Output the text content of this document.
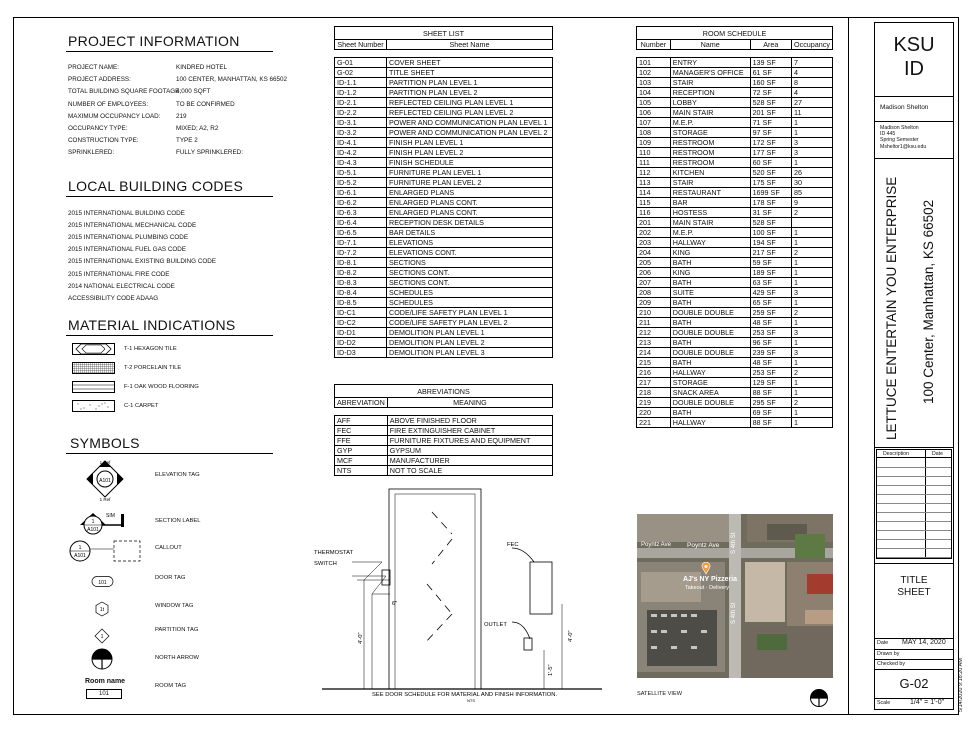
PROJECT INFORMATION
PROJECT NAME:	KINDRED HOTEL
PROJECT ADDRESS:	100 CENTER, MANHATTAN, KS 66502
TOTAL BUILDING SQUARE FOOTAGE:
4,000 SQFT
NUMBER OF EMPLOYEES:	TO BE CONFIRMED
MAXIMUM OCCUPANCY LOAD: 219
OCCUPANCY TYPE:	MIXED; A2, R2
CONSTRUCTION TYPE:	TYPE 2
SPRINKLERED:	FULLY SPRINKLERED:
LOCAL BUILDING CODES
2015 INTERNATIONAL BUILDING CODE
2015 INTERNATIONAL MECHANICAL CODE
2015 INTERNATIONAL PLUMBING CODE
2015 INTERNATIONAL FUEL GAS CODE
2015 INTERNATIONAL EXISTING BUILDING CODE
2015 INTERNATIONAL FIRE CODE
2014 NATIONAL ELECTRICAL CODE
ACCESSIBILITY CODE ADAAG
MATERIAL INDICATIONS
T-1 HEXAGON TILE
T-2 PORCELAIN TILE
F-1 OAK WOOD FLOORING
C-1 CARPET
SYMBOLS
A101
1 Ref
1 Ref
ELEVATION TAG
1
A101
SIM
SECTION LABEL
1
A101
CALLOUT
101
DOOR TAG
1t
WINDOW TAG
1
PARTITION TAG
NORTH ARROW
Room name
101
ROOM TAG
SHEET LIST	
Sheet Number	Sheet Name

G-01	COVER SHEET
G-02	TITLE SHEET
ID-1.1	PARTITION PLAN LEVEL 1
ID-1.2	PARTITION PLAN LEVEL 2
ID-2.1	REFLECTED CEILING PLAN LEVEL 1
ID-2.2	REFLECTED CEILING PLAN LEVEL 2
ID-3.1	POWER AND COMMUNICATION PLAN LEVEL 1
ID-3.2	POWER AND COMMUNICATION PLAN LEVEL 2
ID-4.1	FINISH PLAN LEVEL 1
ID-4.2	FINISH PLAN LEVEL 2
ID-4.3	FINISH SCHEDULE
ID-5.1	FURNITURE PLAN LEVEL 1
ID-5.2	FURNITURE PLAN LEVEL 2
ID-6.1	ENLARGED PLANS
ID-6.2	ENLARGED PLANS CONT.
ID-6.3	ENLARGED PLANS CONT.
ID-6.4	RECEPTION DESK DETAILS
ID-6.5	BAR DETAILS
ID-7.1	ELEVATIONS
ID-7.2	ELEVATIONS CONT.
ID-8.1	SECTIONS
ID-8.2	SECTIONS CONT.
ID-8.3	SECTIONS CONT.
ID-8.4	SCHEDULES
ID-8.5	SCHEDULES
ID-C1	CODE/LIFE SAFETY PLAN LEVEL 1
ID-C2	CODE/LIFE SAFETY PLAN LEVEL 2
ID-D1	DEMOLITION PLAN LEVEL 1
ID-D2	DEMOLITION PLAN LEVEL 2
ID-D3	DEMOLITION PLAN LEVEL 3
ABREVIATIONS	
ABREVIATION	MEANING

AFF	ABOVE FINISHED FLOOR
FEC	FIRE EXTINGUISHER CABINET
FFE	FURNITURE FIXTURES AND EQUIPMENT
GYP	GYPSUM
MCF	MANUFACTURER
NTS	NOT TO SCALE
ROOM SCHEDULE			
Number	Name	Area	Occupancy

101	ENTRY	139 SF	7
102	MANAGER'S OFFICE	61 SF	4
103	STAIR	160 SF	8
104	RECEPTION	72 SF	4
105	LOBBY	528 SF	27
106	MAIN STAIR	201 SF	11
107	M.E.P.	71 SF	1
108	STORAGE	97 SF	1
109	RESTROOM	172 SF	3
110	RESTROOM	177 SF	3
111	RESTROOM	60 SF	1
112	KITCHEN	520 SF	26
113	STAIR	175 SF	30
114	RESTAURANT	1699 SF	85
115	BAR	178 SF	9
116	HOSTESS	31 SF	2
201	MAIN STAIR	528 SF	
202	M.E.P.	100 SF	1
203	HALLWAY	194 SF	1
204	KING	217 SF	2
205	BATH	59 SF	1
206	KING	189 SF	1
207	BATH	63 SF	1
208	SUITE	429 SF	3
209	BATH	65 SF	1
210	DOUBLE DOUBLE	259 SF	2
211	BATH	48 SF	1
212	DOUBLE DOUBLE	253 SF	3
213	BATH	96 SF	1
214	DOUBLE DOUBLE	239 SF	3
215	BATH	48 SF	1
216	HALLWAY	253 SF	2
217	STORAGE	129 SF	1
218	SNACK AREA	88 SF	1
219	DOUBLE DOUBLE	295 SF	2
220	BATH	69 SF	1
221	HALLWAY	88 SF	1
THERMOSTAT
SWITCH
FEC
OUTLET
6"
4'-0"	4'-0"
1'-5"
SEE DOOR SCHEDULE FOR MATERIAL AND FINISH INFORMATION.
NTS
Poyntz Ave Poyntz Ave S 4th St
S 4th St
AJ's NY Pizzeria
Takeout · Delivery
SATELLITE VIEW
KSU
ID
Madison Shelton
Madison Shelton
ID 445
Spring Semester
Msheltor1@ksu.edu
LETTUCE ENTERTAIN YOU ENTERPRISE 100 Center, Manhattan, KS 66502
Description	Date
TITLE SHEET
Date MAY 14, 2020
Drawn by
Checked by
G-02
Scale	1/4" = 1'-0"	5/14/2020 9:18:20 AM
